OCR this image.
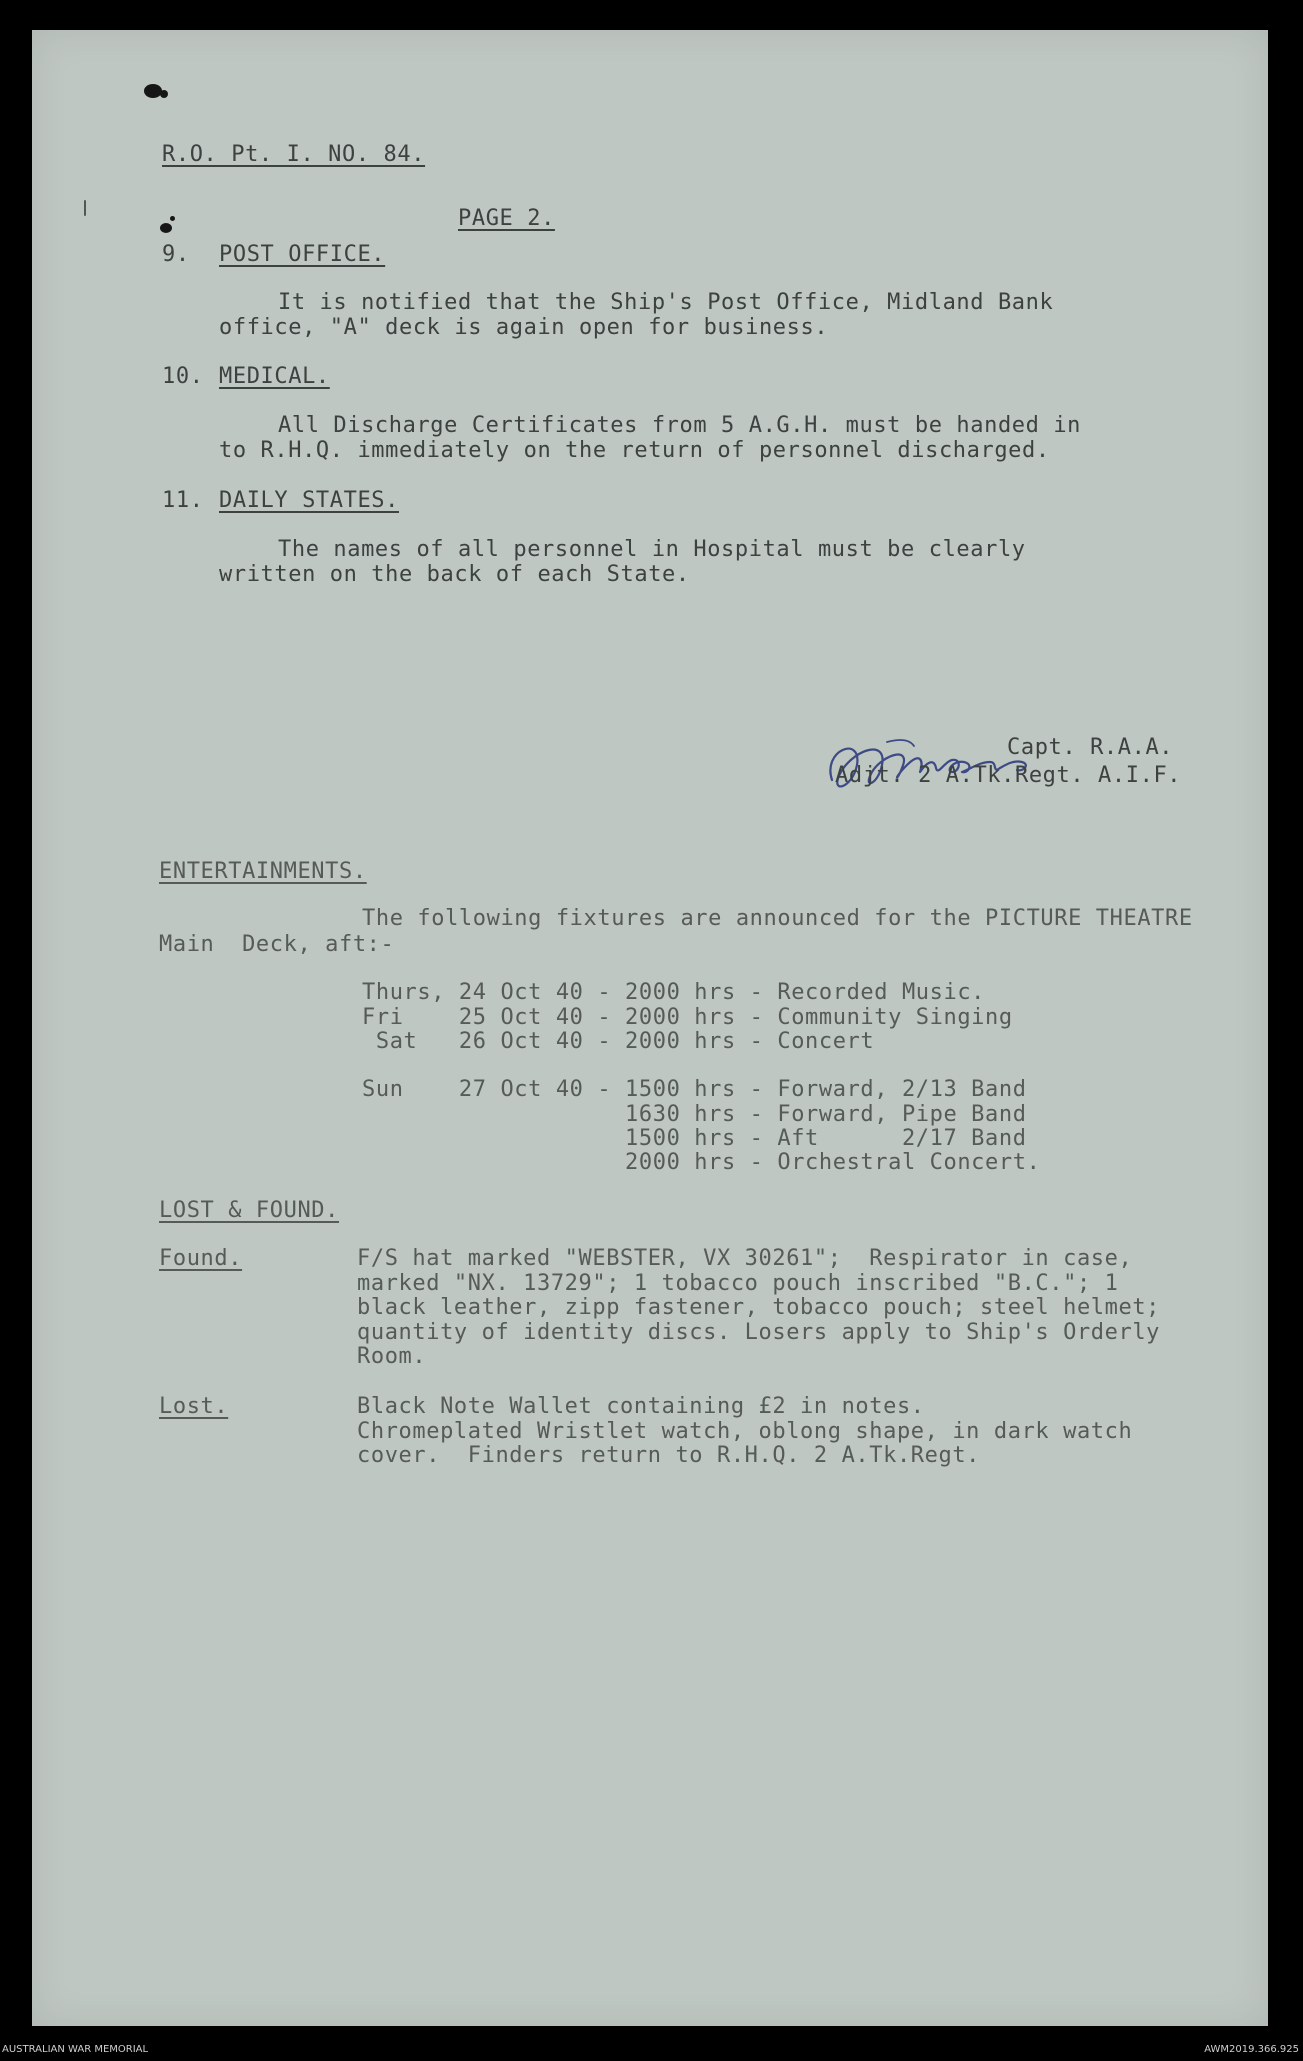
R.O. Pt. I. NO. 84.
PAGE 2.
9. POST OFFICE.
It is notified that the Ship's Post Office, Midland Bank
office, "A" deck is again open for business.
10. MEDICAL.
All Discharge Certificates from 5 A.G.H. must be handed in
to R.H.Q. immediately on the return of personnel discharged.
11. DAILY STATES.
The names of all personnel in Hospital must be clearly
written on the back of each State.
Capt. R.A.A.
Adjt. 2 A.Tk.Regt. A.I.F.
ENTERTAINMENTS.
The following fixtures are announced for the PICTURE THEATRE
Main  Deck, aft:-
Thurs, 24 Oct 40 - 2000 hrs - Recorded Music.
Fri    25 Oct 40 - 2000 hrs - Community Singing
Sat   26 Oct 40 - 2000 hrs - Concert
Sun    27 Oct 40 - 1500 hrs - Forward, 2/13 Band
1630 hrs - Forward, Pipe Band
1500 hrs - Aft      2/17 Band
2000 hrs - Orchestral Concert.
LOST & FOUND.
Found.	F/S hat marked "WEBSTER, VX 30261";  Respirator in case,
marked "NX. 13729"; 1 tobacco pouch inscribed "B.C."; 1
black leather, zipp fastener, tobacco pouch; steel helmet;
quantity of identity discs. Losers apply to Ship's Orderly
Room.
Lost.	Black Note Wallet containing £2 in notes.
Chromeplated Wristlet watch, oblong shape, in dark watch
cover.  Finders return to R.H.Q. 2 A.Tk.Regt.
AUSTRALIAN WAR MEMORIAL	AWM2019.366.925
